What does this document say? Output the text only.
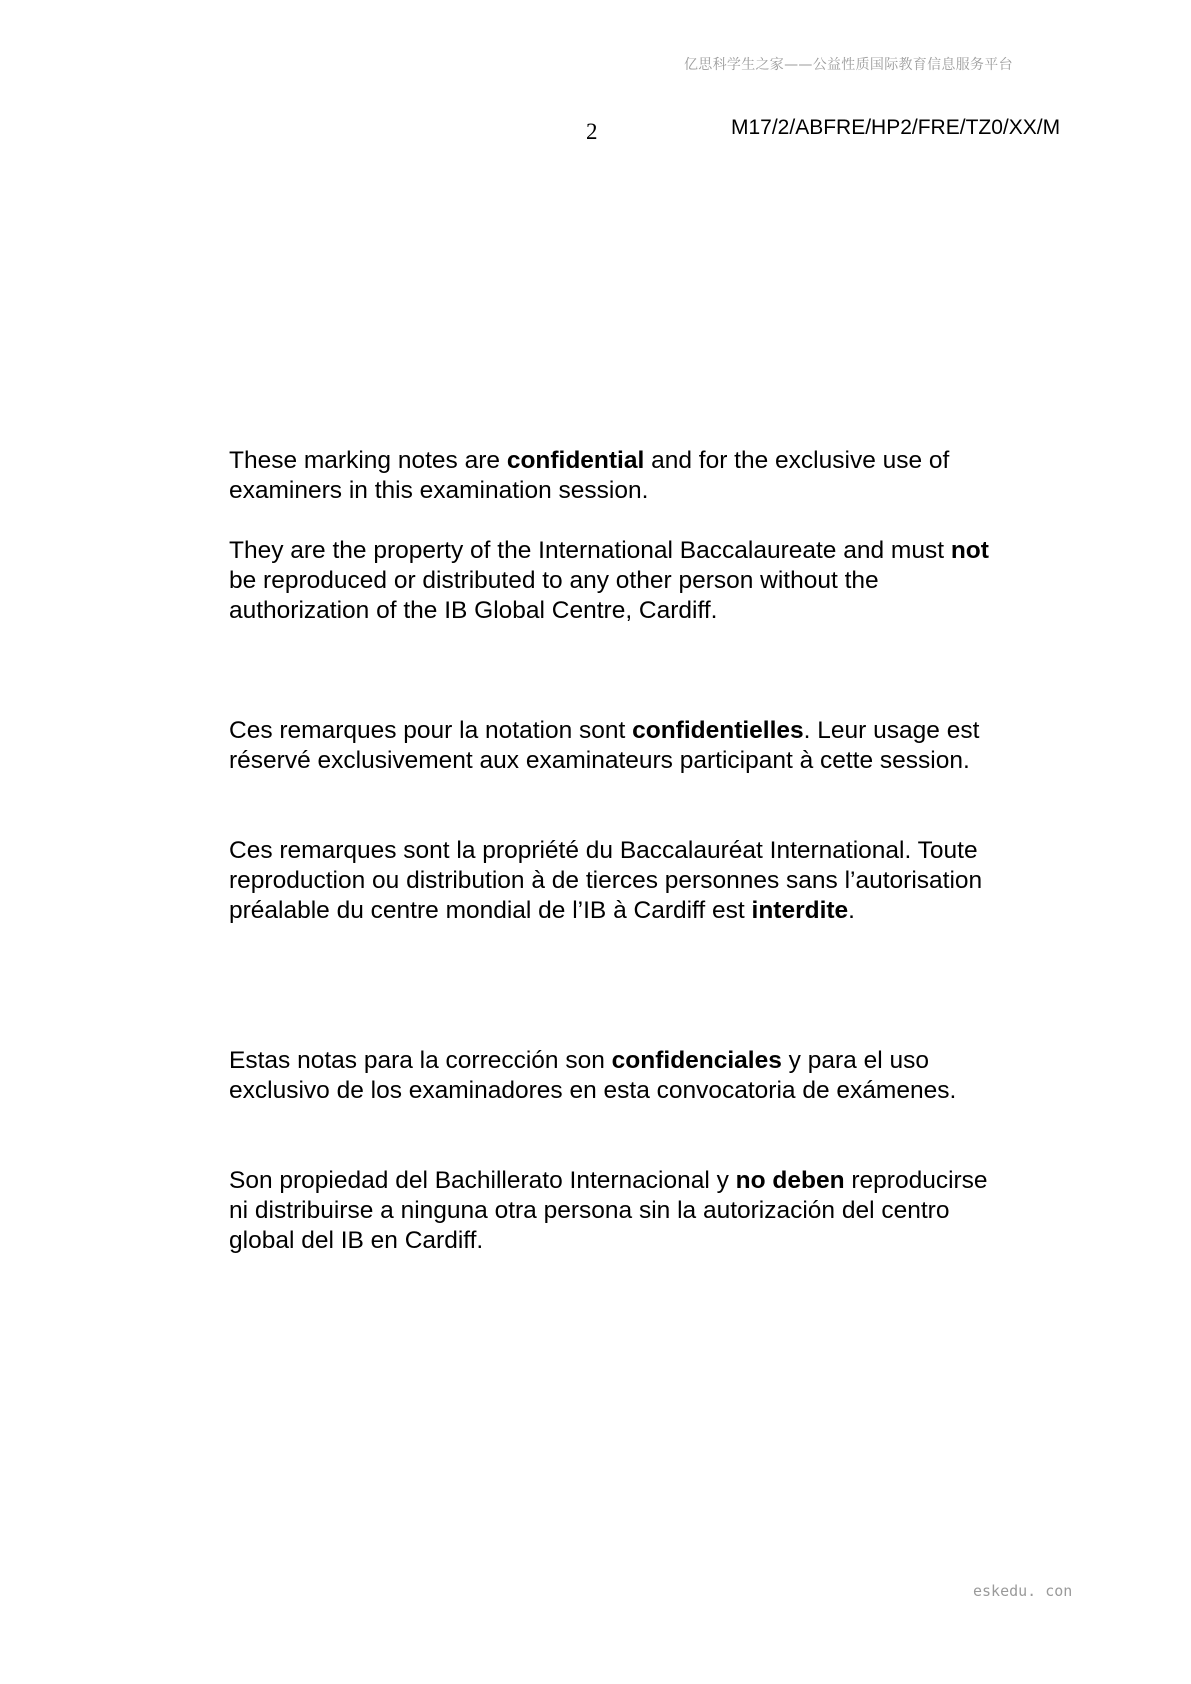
亿思科学生之家——公益性质国际教育信息服务平台
2	M17/2/ABFRE/HP2/FRE/TZ0/XX/M

These marking notes are confidential and for the exclusive use of examiners in this examination session.

They are the property of the International Baccalaureate and must not be reproduced or distributed to any other person without the authorization of the IB Global Centre, Cardiff.

Ces remarques pour la notation sont confidentielles. Leur usage est réservé exclusivement aux examinateurs participant à cette session.

Ces remarques sont la propriété du Baccalauréat International. Toute reproduction ou distribution à de tierces personnes sans l’autorisation préalable du centre mondial de l’IB à Cardiff est interdite.

Estas notas para la corrección son confidenciales y para el uso exclusivo de los examinadores en esta convocatoria de exámenes.

Son propiedad del Bachillerato Internacional y no deben reproducirse ni distribuirse a ninguna otra persona sin la autorización del centro global del IB en Cardiff.

eskedu. con
